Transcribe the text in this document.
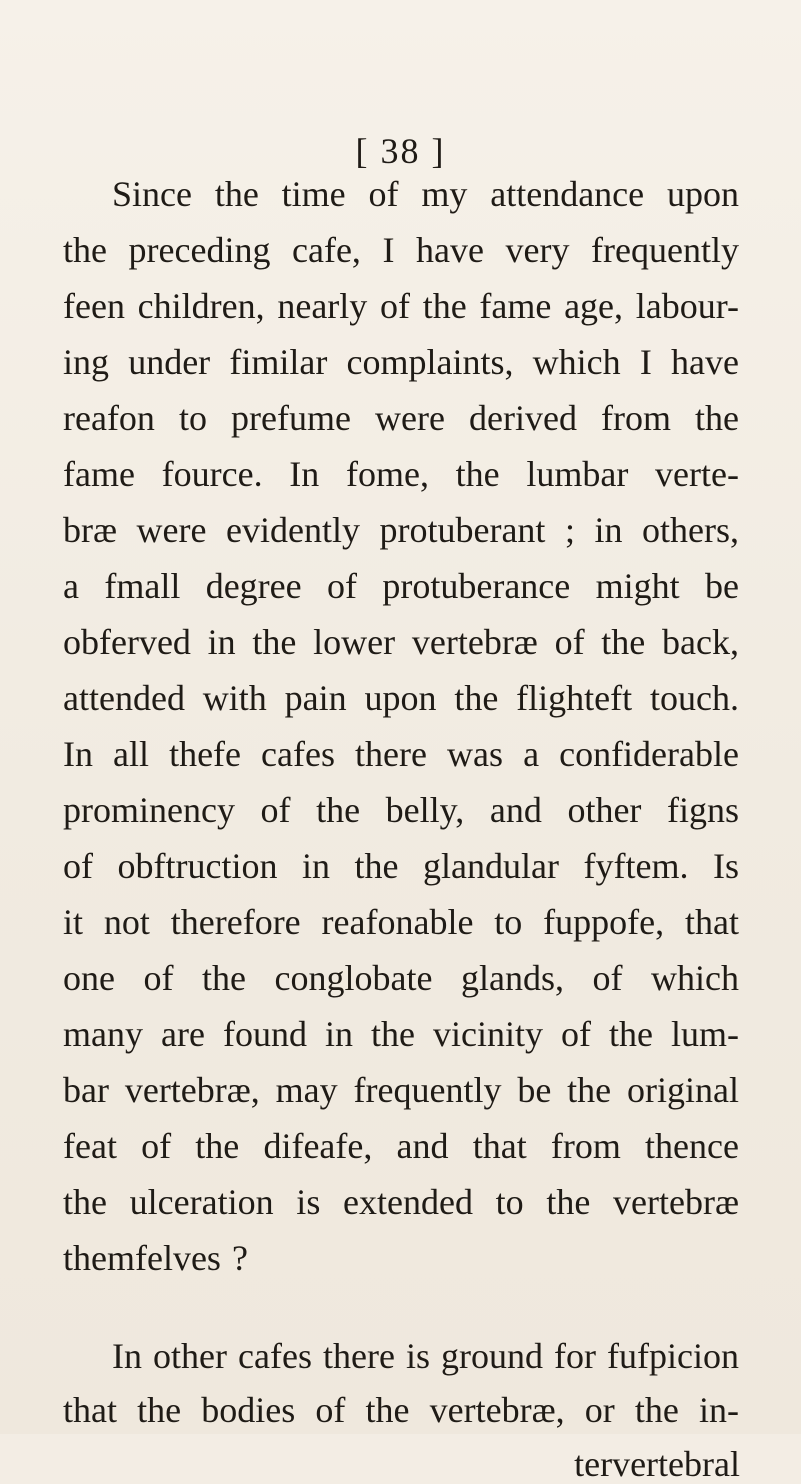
[ 38 ]
Since the time of my attendance upon
the preceding cafe, I have very frequently
feen children, nearly of the fame age, labour-
ing under fimilar complaints, which I have
reafon to prefume were derived from the
fame fource. In fome, the lumbar verte-
bræ were evidently protuberant ; in others,
a fmall degree of protuberance might be
obferved in the lower vertebræ of the back,
attended with pain upon the flighteft touch.
In all thefe cafes there was a confiderable
prominency of the belly, and other figns
of obftruction in the glandular fyftem. Is
it not therefore reafonable to fuppofe, that
one of the conglobate glands, of which
many are found in the vicinity of the lum-
bar vertebræ, may frequently be the original
feat of the difeafe, and that from thence
the ulceration is extended to the vertebræ
themfelves ?
In other cafes there is ground for fufpicion
that the bodies of the vertebræ, or the in-
tervertebral
